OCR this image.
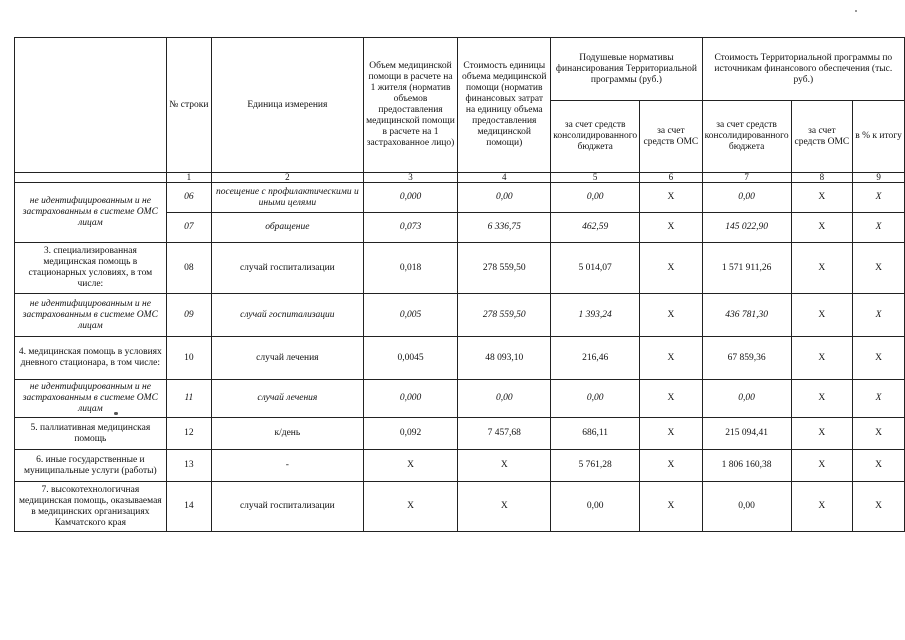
	№ строки	Единица измерения	Объем медицинской помощи в расчете на 1 жителя (норматив объемов предоставления медицинской помощи в расчете на 1 застрахованное лицо)	Стоимость единицы объема медицинской помощи (норматив финансовых затрат на единицу объема предоставления медицинской помощи)	Подушевые нормативы финансирования Территориальной программы (руб.)		Стоимость Территориальной программы по источникам финансового обеспечения (тыс. руб.)		
					за счет средств консолидированного бюджета	за счет средств ОМС	за счет средств консолидированного бюджета	за счет средств ОМС	в % к итогу
	1	2	3	4	5	6	7	8	9
не идентифицированным и не застрахованным в системе ОМС лицам	06	посещение с профилактическими и иными целями	0,000	0,00	0,00	X	0,00	X	X
	07	обращение	0,073	6 336,75	462,59	X	145 022,90	X	X
3. специализированная медицинская помощь в стационарных условиях, в том числе:	08	случай госпитализации	0,018	278 559,50	5 014,07	X	1 571 911,26	X	X
не идентифицированным и не застрахованным в системе ОМС лицам	09	случай госпитализации	0,005	278 559,50	1 393,24	X	436 781,30	X	X
4. медицинская помощь в условиях дневного стационара, в том числе:	10	случай лечения	0,0045	48 093,10	216,46	X	67 859,36	X	X
не идентифицированным и не застрахованным в системе ОМС лицам	11	случай лечения	0,000	0,00	0,00	X	0,00	X	X
5. паллиативная медицинская помощь	12	к/день	0,092	7 457,68	686,11	X	215 094,41	X	X
6. иные государственные и муниципальные услуги (работы)	13	-	X	X	5 761,28	X	1 806 160,38	X	X
7. высокотехнологичная медицинская помощь, оказываемая в медицинских организациях Камчатского края	14	случай госпитализации	X	X	0,00	X	0,00	X	X
